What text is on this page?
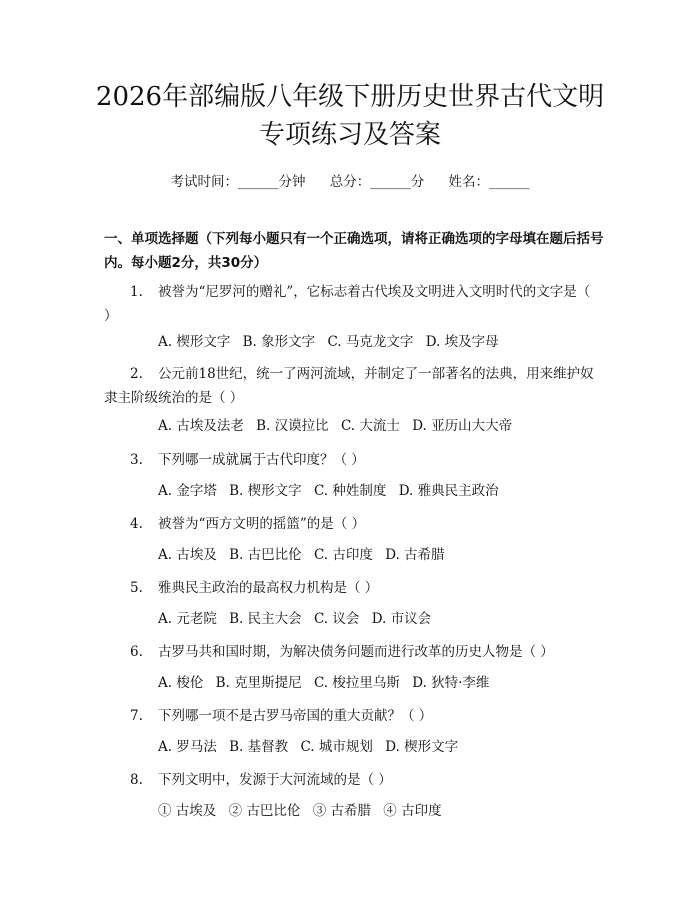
2026年部编版八年级下册历史世界古代文明
专项练习及答案
考试时间：______分钟 总分：______分 姓名：______
一、单项选择题（下列每小题只有一个正确选项，请将正确选项的字母填在题后括号内。每小题2分，共30分）
1. 被誉为“尼罗河的赠礼”，它标志着古代埃及文明进入文明时代的文字是（ ）
A. 楔形文字 B. 象形文字 C. 马克龙文字 D. 埃及字母
2. 公元前18世纪，统一了两河流域，并制定了一部著名的法典，用来维护奴隶主阶级统治的是（ ）
A. 古埃及法老 B. 汉谟拉比 C. 大流士 D. 亚历山大大帝
3. 下列哪一成就属于古代印度？（ ）
A. 金字塔 B. 楔形文字 C. 种姓制度 D. 雅典民主政治
4. 被誉为“西方文明的摇篮”的是（ ）
A. 古埃及 B. 古巴比伦 C. 古印度 D. 古希腊
5. 雅典民主政治的最高权力机构是（ ）
A. 元老院 B. 民主大会 C. 议会 D. 市议会
6. 古罗马共和国时期，为解决债务问题而进行改革的历史人物是（ ）
A. 梭伦 B. 克里斯提尼 C. 梭拉里乌斯 D. 狄特·李维
7. 下列哪一项不是古罗马帝国的重大贡献？（ ）
A. 罗马法 B. 基督教 C. 城市规划 D. 楔形文字
8. 下列文明中，发源于大河流域的是（ ）
① 古埃及 ② 古巴比伦 ③ 古希腊 ④ 古印度
